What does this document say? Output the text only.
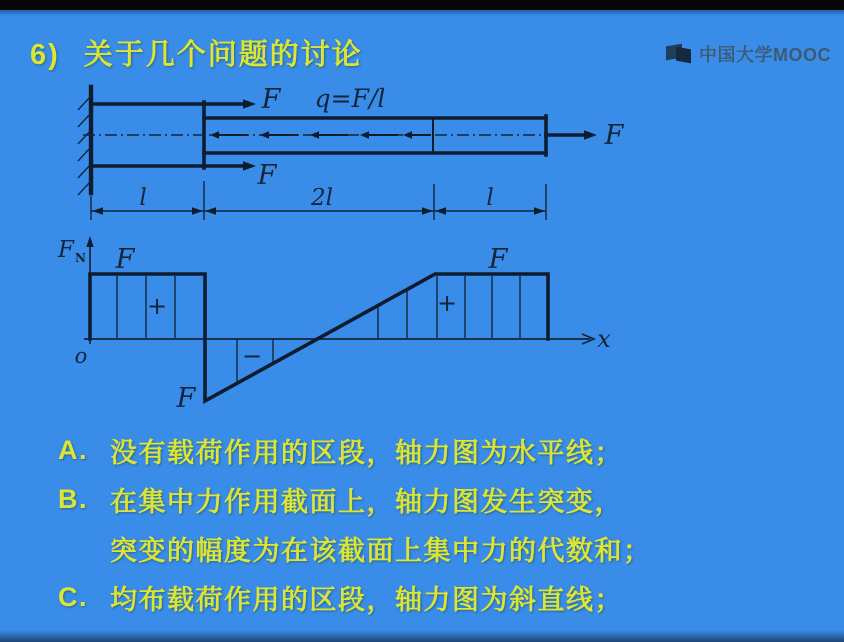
6) 关于几个问题的讨论	中国大学MOOC
F q=F/l
F
F
l	2l	l
F N
o
x
+
−
+
F	F
F
A. 没有载荷作用的区段，轴力图为水平线；
B. 在集中力作用截面上，轴力图发生突变，
突变的幅度为在该截面上集中力的代数和；
C. 均布载荷作用的区段，轴力图为斜直线；
